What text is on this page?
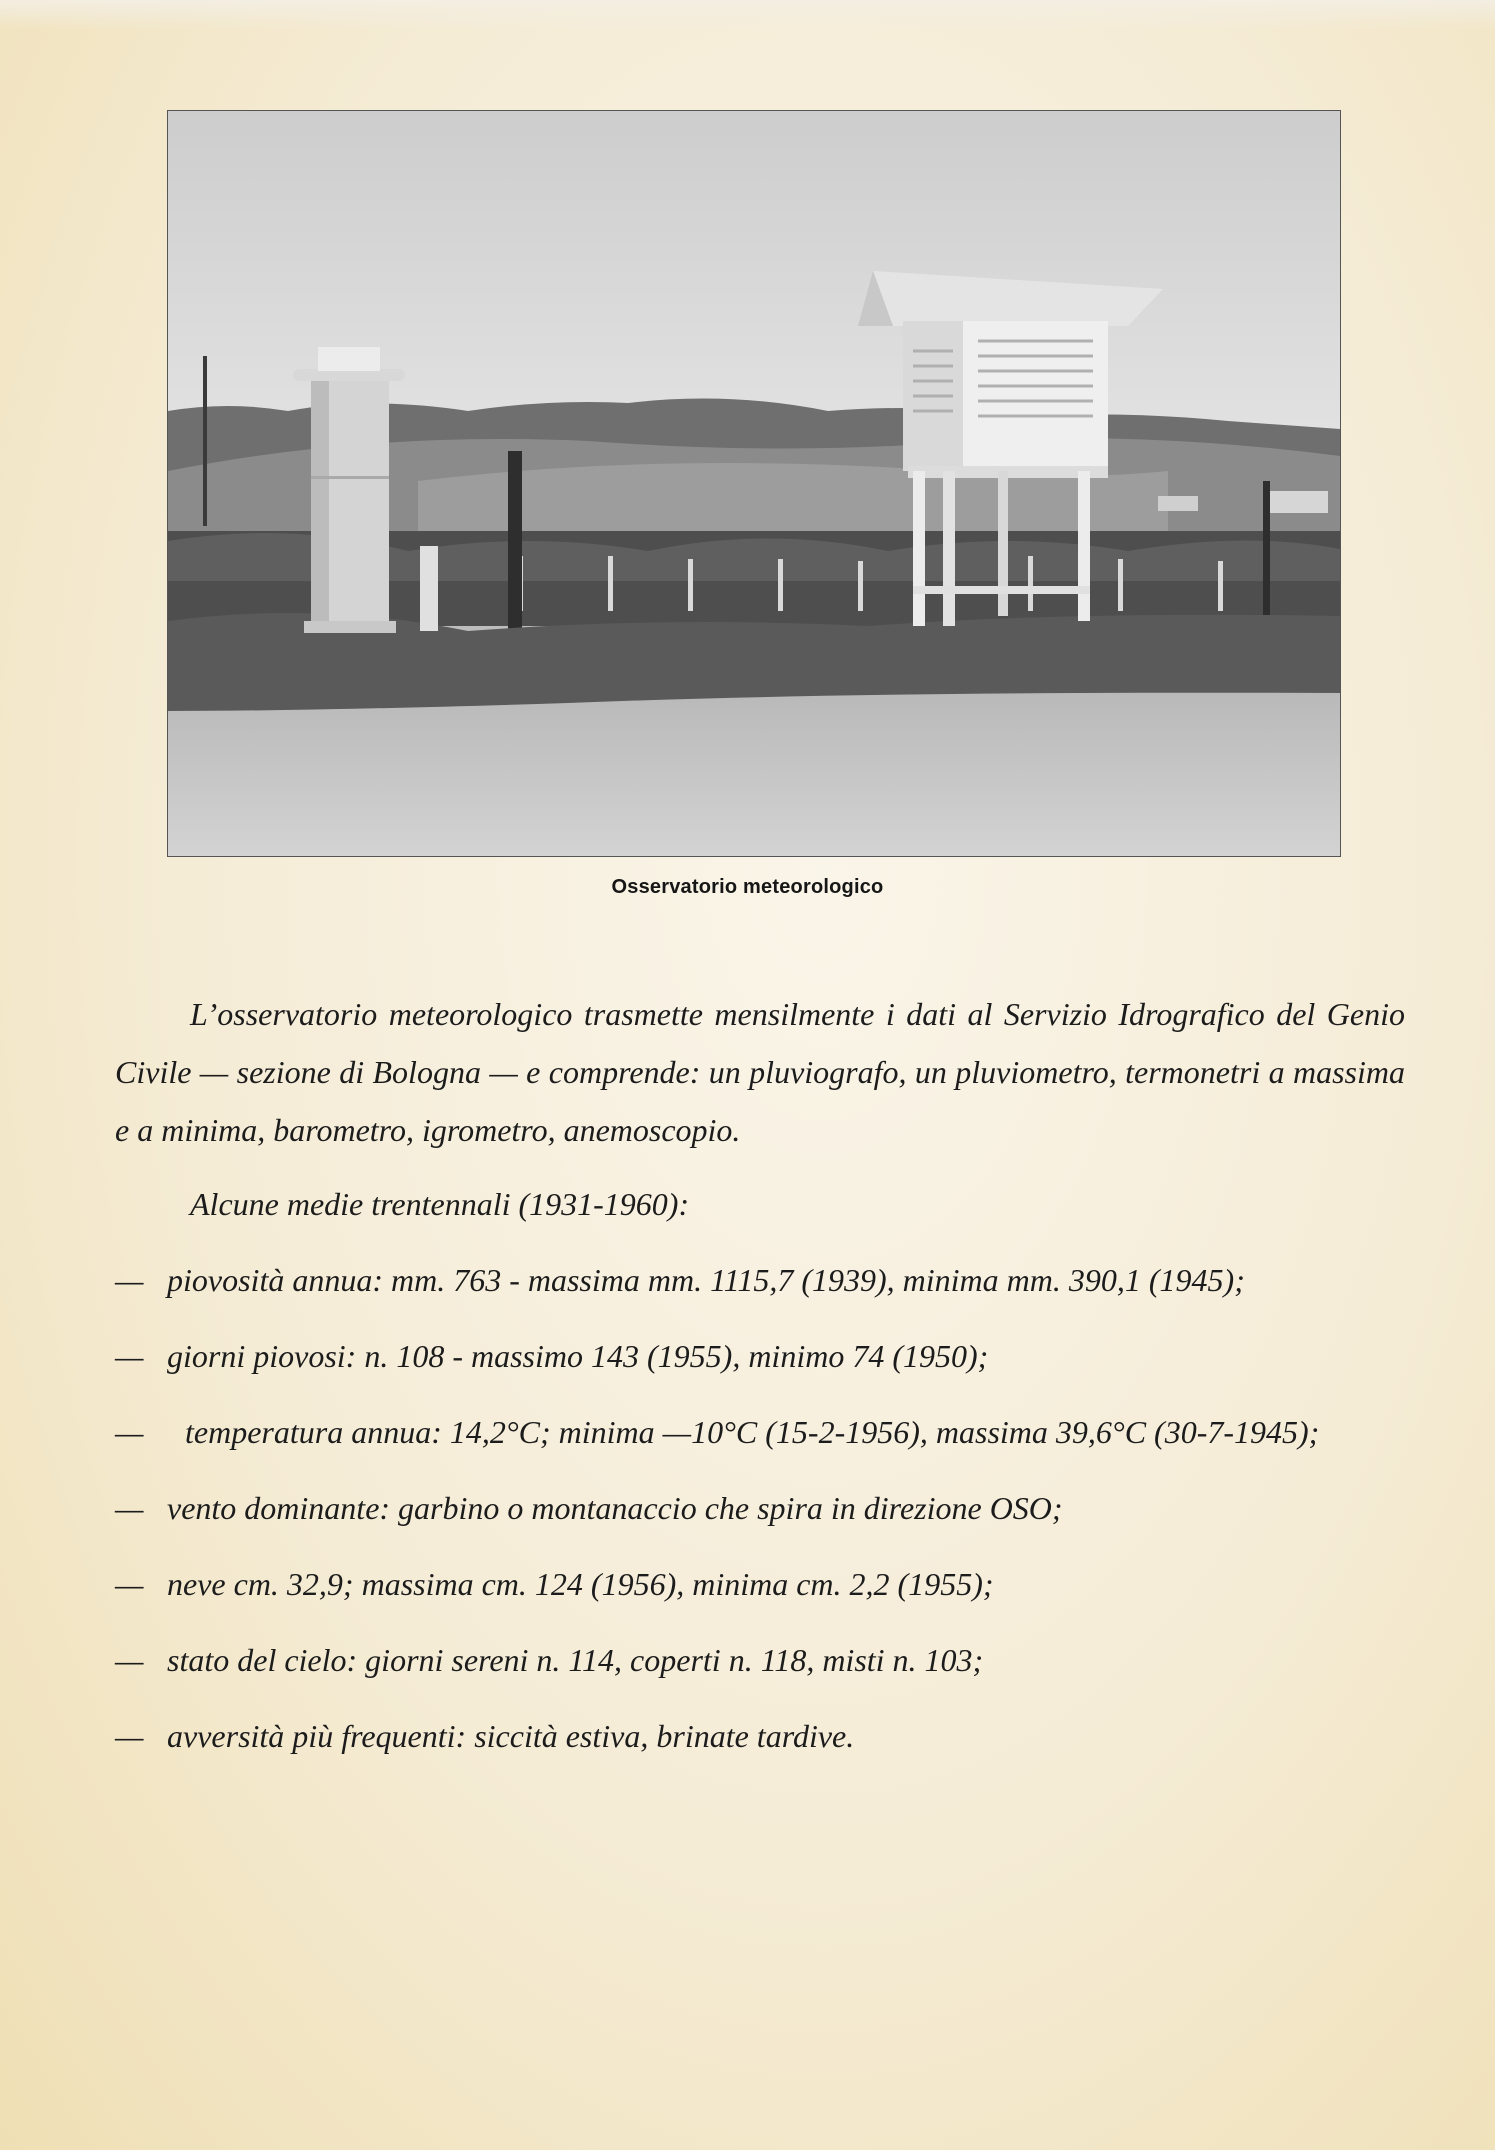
Osservatorio meteorologico

L’osservatorio meteorologico trasmette mensilmente i dati al Servizio Idrografico del Genio Civile — sezione di Bologna — e comprende: un pluviografo, un pluviometro, termonetri a massima e a minima, barometro, igrometro, anemoscopio.

Alcune medie trentennali (1931-1960):

— piovosità annua: mm. 763 - massima mm. 1115,7 (1939), minima mm. 390,1 (1945);
— giorni piovosi: n. 108 - massimo 143 (1955), minimo 74 (1950);
—	temperatura annua: 14,2°C; minima —10°C (15-2-1956), massima 39,6°C (30-7-1945);
— vento dominante: garbino o montanaccio che spira in direzione OSO;
— neve cm. 32,9; massima cm. 124 (1956), minima cm. 2,2 (1955);
— stato del cielo: giorni sereni n. 114, coperti n. 118, misti n. 103;
— avversità più frequenti: siccità estiva, brinate tardive.
